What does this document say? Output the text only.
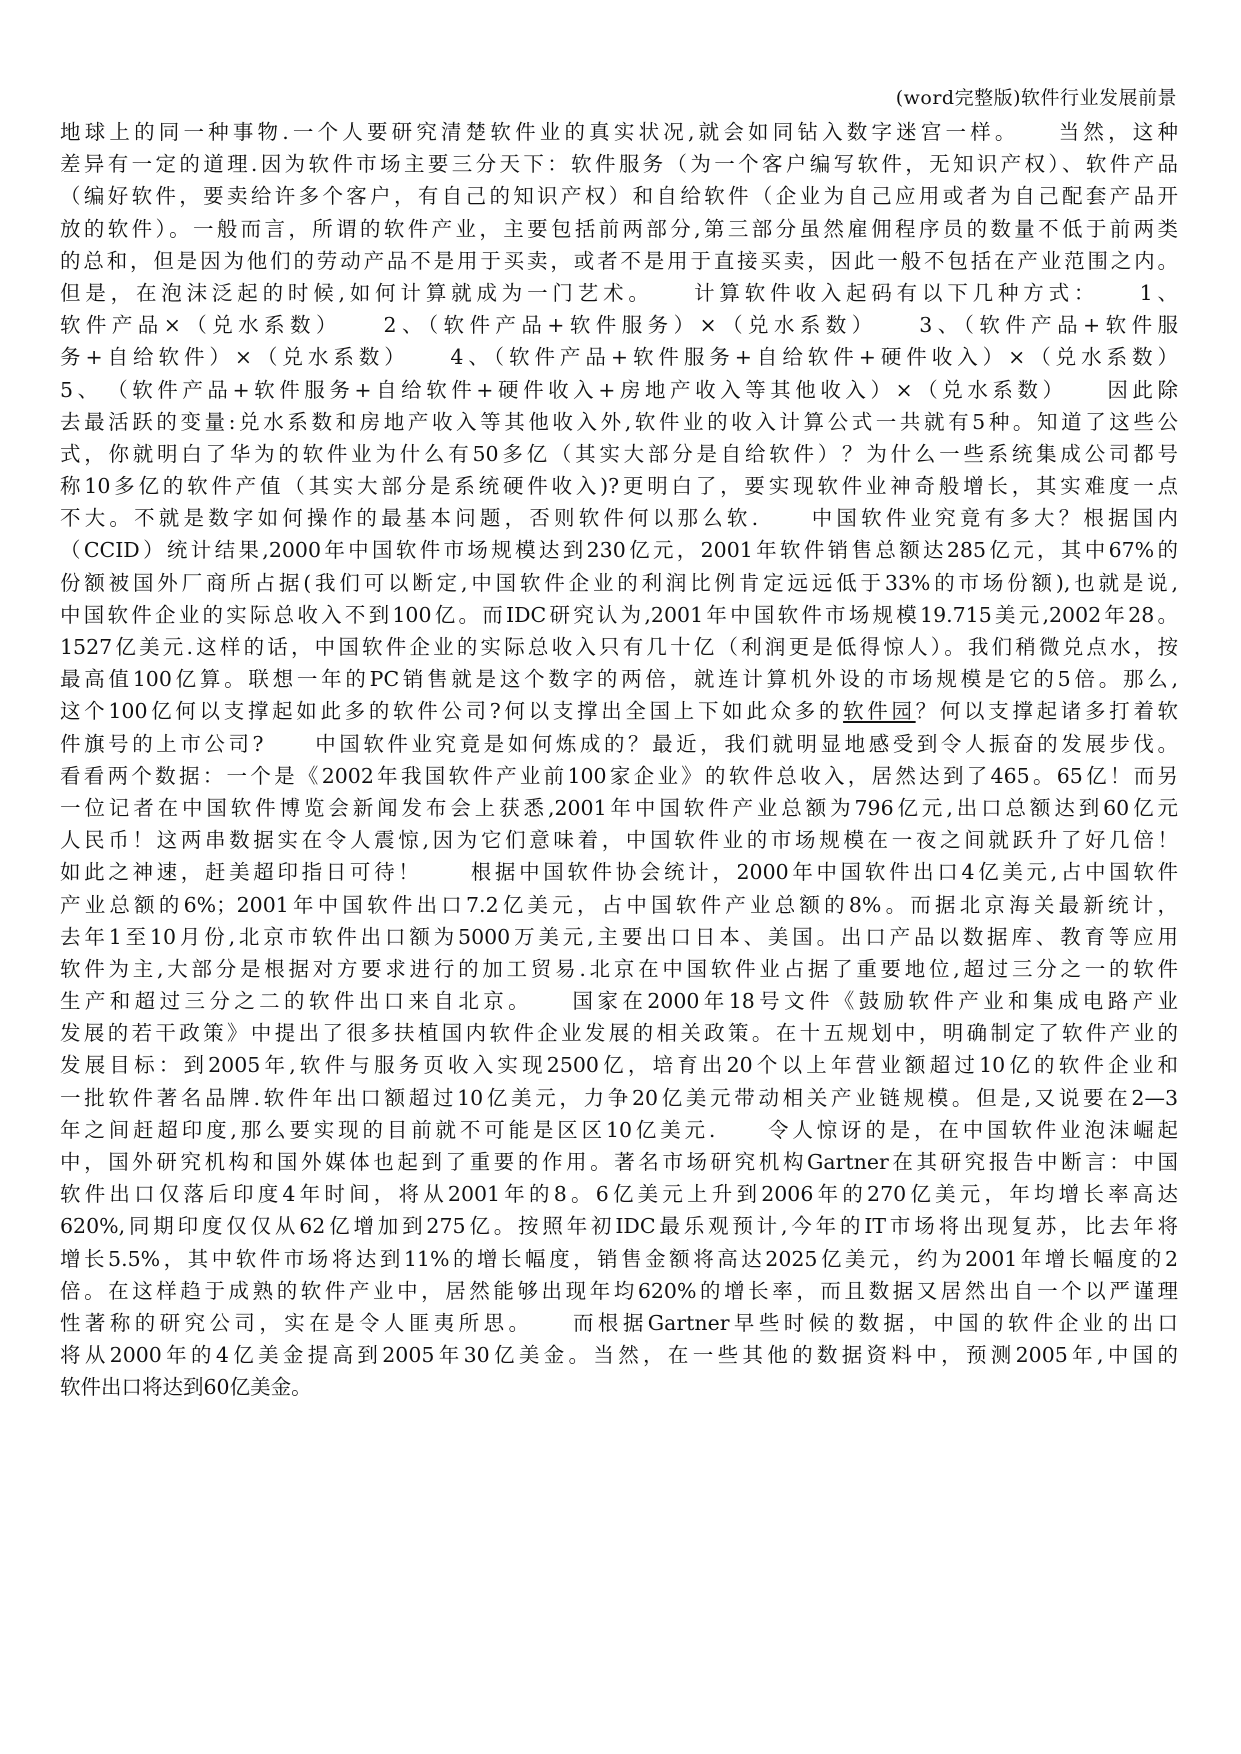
(word完整版)软件行业发展前景
地球上的同一种事物.一个人要研究清楚软件业的真实状况,就会如同钻入数字迷宫一样。　　当然，这种
差异有一定的道理.因为软件市场主要三分天下：软件服务（为一个客户编写软件，无知识产权）、软件产品
（编好软件，要卖给许多个客户，有自己的知识产权）和自给软件（企业为自己应用或者为自己配套产品开
放的软件）。一般而言，所谓的软件产业，主要包括前两部分,第三部分虽然雇佣程序员的数量不低于前两类
的总和，但是因为他们的劳动产品不是用于买卖，或者不是用于直接买卖，因此一般不包括在产业范围之内。
但是，在泡沫泛起的时候,如何计算就成为一门艺术。　　计算软件收入起码有以下几种方式：　　1、
软件产品×（兑水系数）　　2、（软件产品+软件服务）×（兑水系数）　　3、（软件产品+软件服
务+自给软件）×（兑水系数）　　4、（软件产品+软件服务+自给软件+硬件收入）×（兑水系数）
5、　（软件产品+软件服务+自给软件+硬件收入+房地产收入等其他收入）×（兑水系数）　　因此除
去最活跃的变量:兑水系数和房地产收入等其他收入外,软件业的收入计算公式一共就有5种。知道了这些公
式，你就明白了华为的软件业为什么有50多亿（其实大部分是自给软件）？为什么一些系统集成公司都号
称10多亿的软件产值（其实大部分是系统硬件收入)?更明白了，要实现软件业神奇般增长，其实难度一点
不大。不就是数字如何操作的最基本问题，否则软件何以那么软.　　中国软件业究竟有多大？根据国内
（CCID）统计结果,2000年中国软件市场规模达到230亿元，2001年软件销售总额达285亿元，其中67%的
份额被国外厂商所占据(我们可以断定,中国软件企业的利润比例肯定远远低于33%的市场份额),也就是说,
中国软件企业的实际总收入不到100亿。而IDC研究认为,2001年中国软件市场规模19.715美元,2002年28。
1527亿美元.这样的话，中国软件企业的实际总收入只有几十亿（利润更是低得惊人）。我们稍微兑点水，按
最高值100亿算。联想一年的PC销售就是这个数字的两倍，就连计算机外设的市场规模是它的5倍。那么,
这个100亿何以支撑起如此多的软件公司?何以支撑出全国上下如此众多的软件园？何以支撑起诸多打着软
件旗号的上市公司?　　中国软件业究竟是如何炼成的？最近，我们就明显地感受到令人振奋的发展步伐。
看看两个数据：一个是《2002年我国软件产业前100家企业》的软件总收入，居然达到了465。65亿！而另
一位记者在中国软件博览会新闻发布会上获悉,2001年中国软件产业总额为796亿元,出口总额达到60亿元
人民币！这两串数据实在令人震惊,因为它们意味着，中国软件业的市场规模在一夜之间就跃升了好几倍！
如此之神速，赶美超印指日可待！　　根据中国软件协会统计，2000年中国软件出口4亿美元,占中国软件
产业总额的6%；2001年中国软件出口7.2亿美元，占中国软件产业总额的8%。而据北京海关最新统计，
去年1至10月份,北京市软件出口额为5000万美元,主要出口日本、美国。出口产品以数据库、教育等应用
软件为主,大部分是根据对方要求进行的加工贸易.北京在中国软件业占据了重要地位,超过三分之一的软件
生产和超过三分之二的软件出口来自北京。　　国家在2000年18号文件《鼓励软件产业和集成电路产业
发展的若干政策》中提出了很多扶植国内软件企业发展的相关政策。在十五规划中，明确制定了软件产业的
发展目标：到2005年,软件与服务页收入实现2500亿，培育出20个以上年营业额超过10亿的软件企业和
一批软件著名品牌.软件年出口额超过10亿美元，力争20亿美元带动相关产业链规模。但是,又说要在2—3
年之间赶超印度,那么要实现的目前就不可能是区区10亿美元.　　令人惊讶的是，在中国软件业泡沫崛起
中，国外研究机构和国外媒体也起到了重要的作用。著名市场研究机构Gartner在其研究报告中断言：中国
软件出口仅落后印度4年时间，将从2001年的8。6亿美元上升到2006年的270亿美元，年均增长率高达
620%,同期印度仅仅从62亿增加到275亿。按照年初IDC最乐观预计,今年的IT市场将出现复苏，比去年将
增长5.5%，其中软件市场将达到11%的增长幅度，销售金额将高达2025亿美元，约为2001年增长幅度的2
倍。在这样趋于成熟的软件产业中，居然能够出现年均620%的增长率，而且数据又居然出自一个以严谨理
性著称的研究公司，实在是令人匪夷所思。　　而根据Gartner早些时候的数据，中国的软件企业的出口
将从2000年的4亿美金提高到2005年30亿美金。当然，在一些其他的数据资料中，预测2005年,中国的
软件出口将达到60亿美金。
